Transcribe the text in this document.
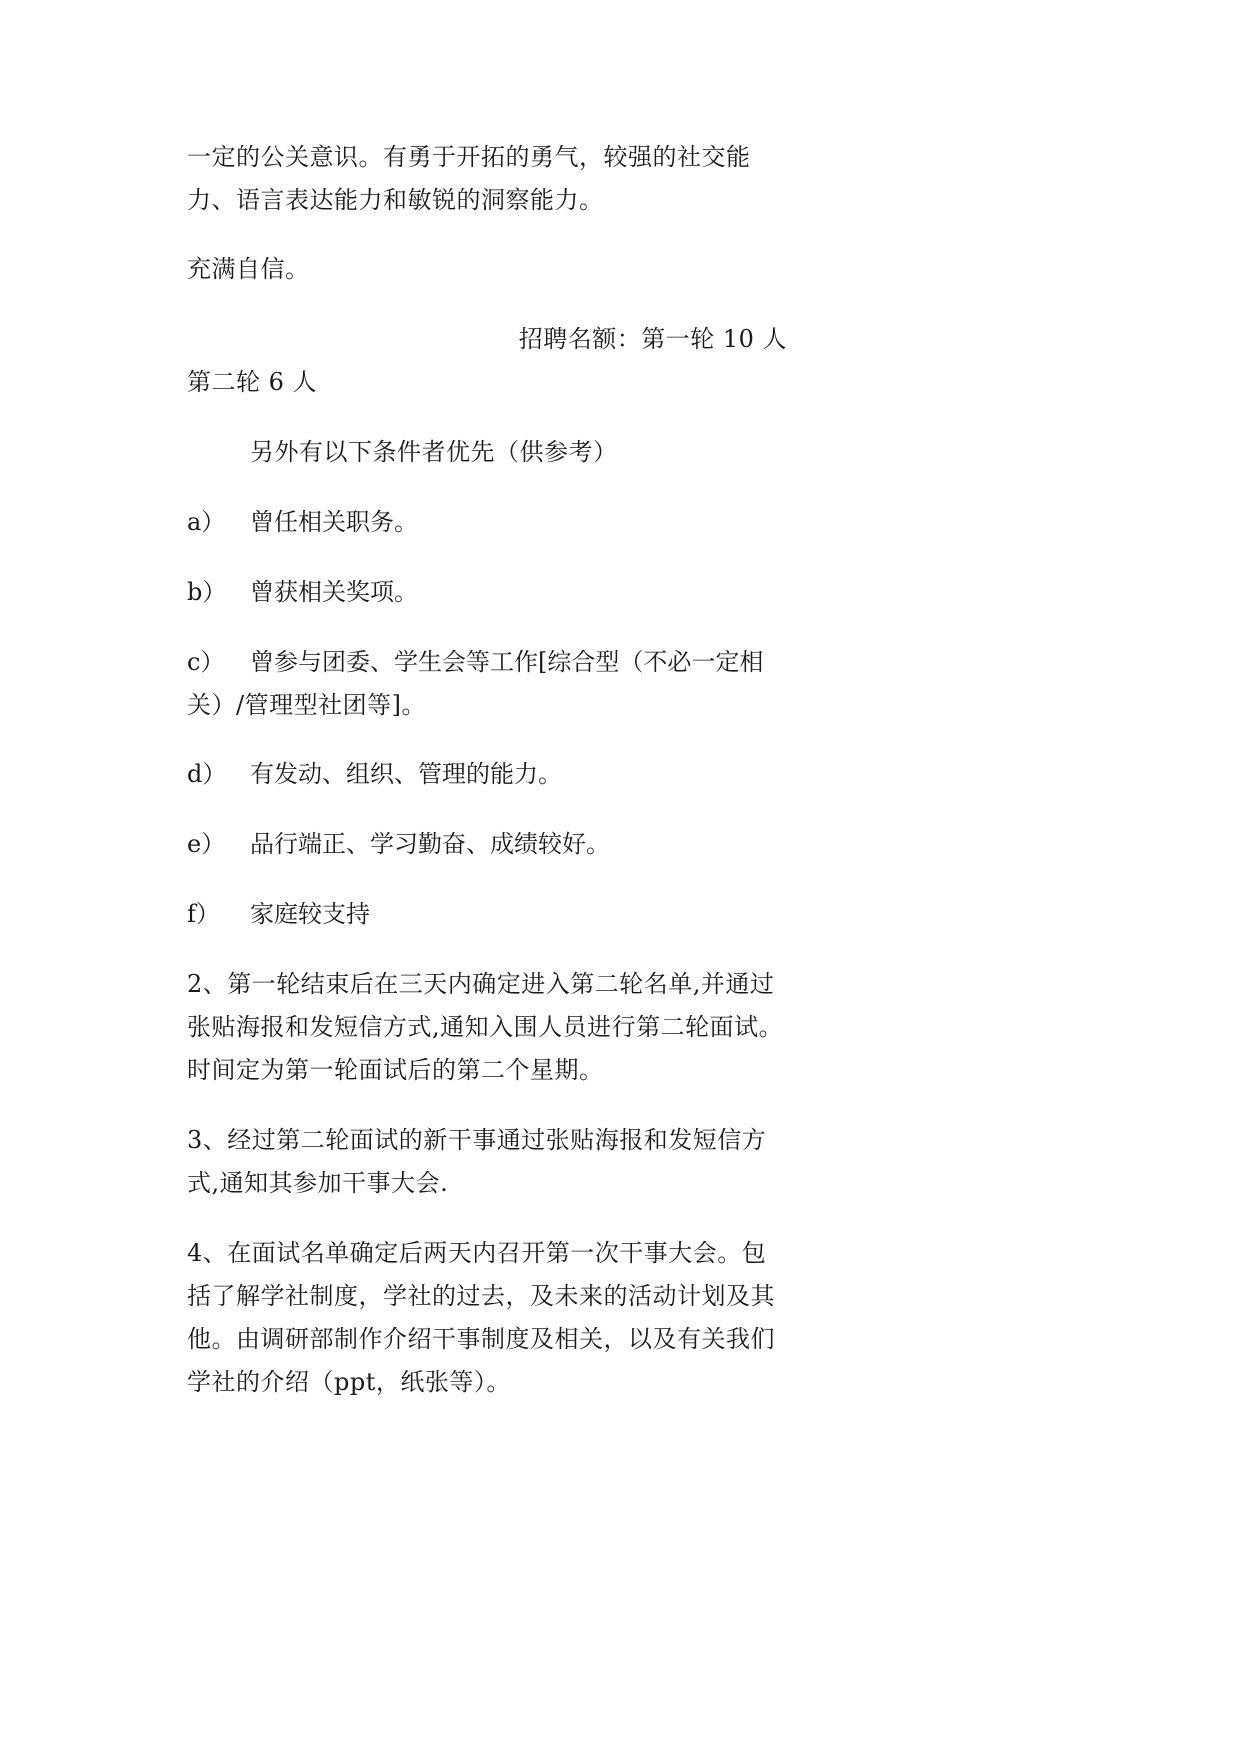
一定的公关意识。有勇于开拓的勇气，较强的社交能
力、语言表达能力和敏锐的洞察能力。
充满自信。
招聘名额：第一轮 10 人
第二轮 6 人
另外有以下条件者优先（供参考）
a） 曾任相关职务。
b） 曾获相关奖项。
c） 曾参与团委、学生会等工作[综合型（不必一定相
关）/管理型社团等]。
d） 有发动、组织、管理的能力。
e） 品行端正、学习勤奋、成绩较好。
f） 家庭较支持
2、第一轮结束后在三天内确定进入第二轮名单,并通过
张贴海报和发短信方式,通知入围人员进行第二轮面试。
时间定为第一轮面试后的第二个星期。
3、经过第二轮面试的新干事通过张贴海报和发短信方
式,通知其参加干事大会.
4、在面试名单确定后两天内召开第一次干事大会。包
括了解学社制度，学社的过去，及未来的活动计划及其
他。由调研部制作介绍干事制度及相关，以及有关我们
学社的介绍（ppt，纸张等）。
